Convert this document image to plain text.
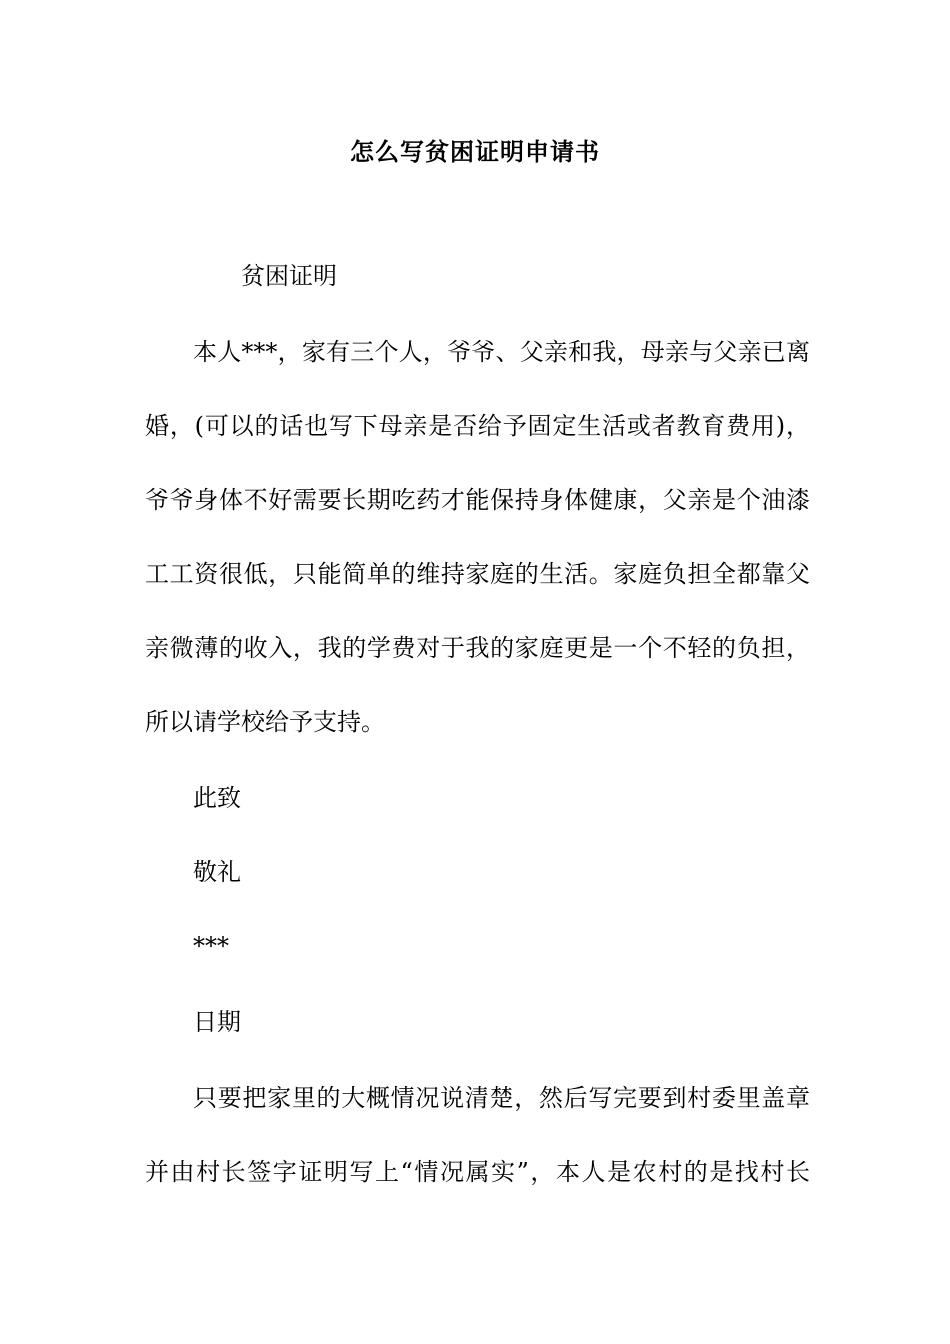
怎么写贫困证明申请书
贫困证明
本人***，家有三个人，爷爷、父亲和我，母亲与父亲已离
婚，(可以的话也写下母亲是否给予固定生活或者教育费用)，
爷爷身体不好需要长期吃药才能保持身体健康，父亲是个油漆
工工资很低，只能简单的维持家庭的生活。家庭负担全都靠父
亲微薄的收入，我的学费对于我的家庭更是一个不轻的负担，
所以请学校给予支持。
此致
敬礼
***
日期
只要把家里的大概情况说清楚，然后写完要到村委里盖章
并由村长签字证明写上“情况属实”，本人是农村的是找村长
